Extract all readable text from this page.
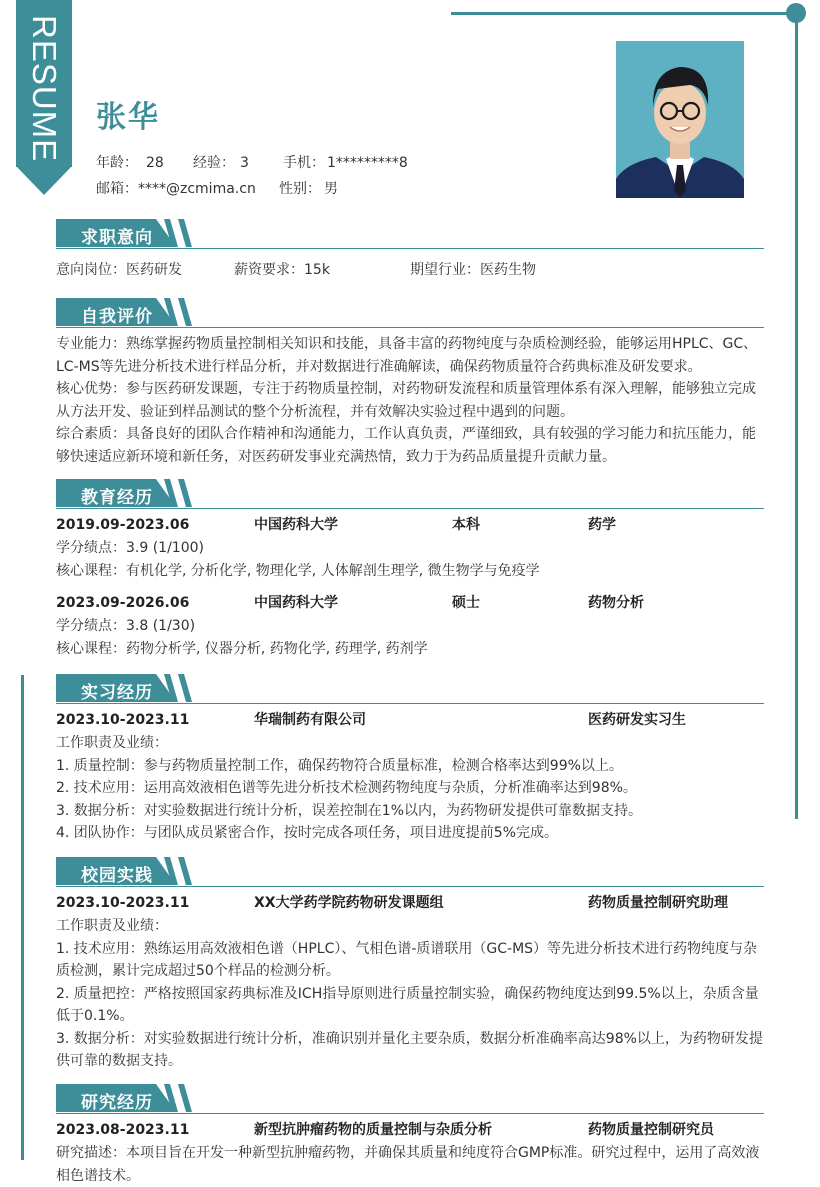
RESUME 张华
年龄： 28 经验： 3 手机： 1*********8
邮箱：****@zcmima.cn 性别： 男
求职意向
意向岗位：医药研发	薪资要求：15k	期望行业：医药生物
自我评价

专业能力：熟练掌握药物质量控制相关知识和技能，具备丰富的药物纯度与杂质检测经验，能够运用HPLC、GC、LC-MS等先进分析技术进行样品分析，并对数据进行准确解读，确保药物质量符合药典标准及研发要求。

核心优势：参与医药研发课题，专注于药物质量控制，对药物研发流程和质量管理体系有深入理解，能够独立完成从方法开发、验证到样品测试的整个分析流程，并有效解决实验过程中遇到的问题。

综合素质：具备良好的团队合作精神和沟通能力，工作认真负责，严谨细致，具有较强的学习能力和抗压能力，能够快速适应新环境和新任务，对医药研发事业充满热情，致力于为药品质量提升贡献力量。

教育经历
2019.09-2023.06	中国药科大学	本科	药学

学分绩点：3.9 (1/100)

核心课程：有机化学, 分析化学, 物理化学, 人体解剖生理学, 微生物学与免疫学

2023.09-2026.06	中国药科大学	硕士	药物分析

学分绩点：3.8 (1/30)

核心课程：药物分析学, 仪器分析, 药物化学, 药理学, 药剂学

实习经历
2023.10-2023.11	华瑞制药有限公司	医药研发实习生

工作职责及业绩：

1. 质量控制：参与药物质量控制工作，确保药物符合质量标准，检测合格率达到99%以上。

2. 技术应用：运用高效液相色谱等先进分析技术检测药物纯度与杂质，分析准确率达到98%。

3. 数据分析：对实验数据进行统计分析，误差控制在1%以内，为药物研发提供可靠数据支持。

4. 团队协作：与团队成员紧密合作，按时完成各项任务，项目进度提前5%完成。

校园实践
2023.10-2023.11	XX大学药学院药物研发课题组	药物质量控制研究助理

工作职责及业绩：

1. 技术应用：熟练运用高效液相色谱（HPLC）、气相色谱-质谱联用（GC-MS）等先进分析技术进行药物纯度与杂质检测，累计完成超过50个样品的检测分析。

2. 质量把控：严格按照国家药典标准及ICH指导原则进行质量控制实验，确保药物纯度达到99.5%以上，杂质含量低于0.1%。

3. 数据分析：对实验数据进行统计分析，准确识别并量化主要杂质，数据分析准确率高达98%以上，为药物研发提供可靠的数据支持。

研究经历
2023.08-2023.11	新型抗肿瘤药物的质量控制与杂质分析	药物质量控制研究员

研究描述：本项目旨在开发一种新型抗肿瘤药物，并确保其质量和纯度符合GMP标准。研究过程中，运用了高效液相色谱技术。
